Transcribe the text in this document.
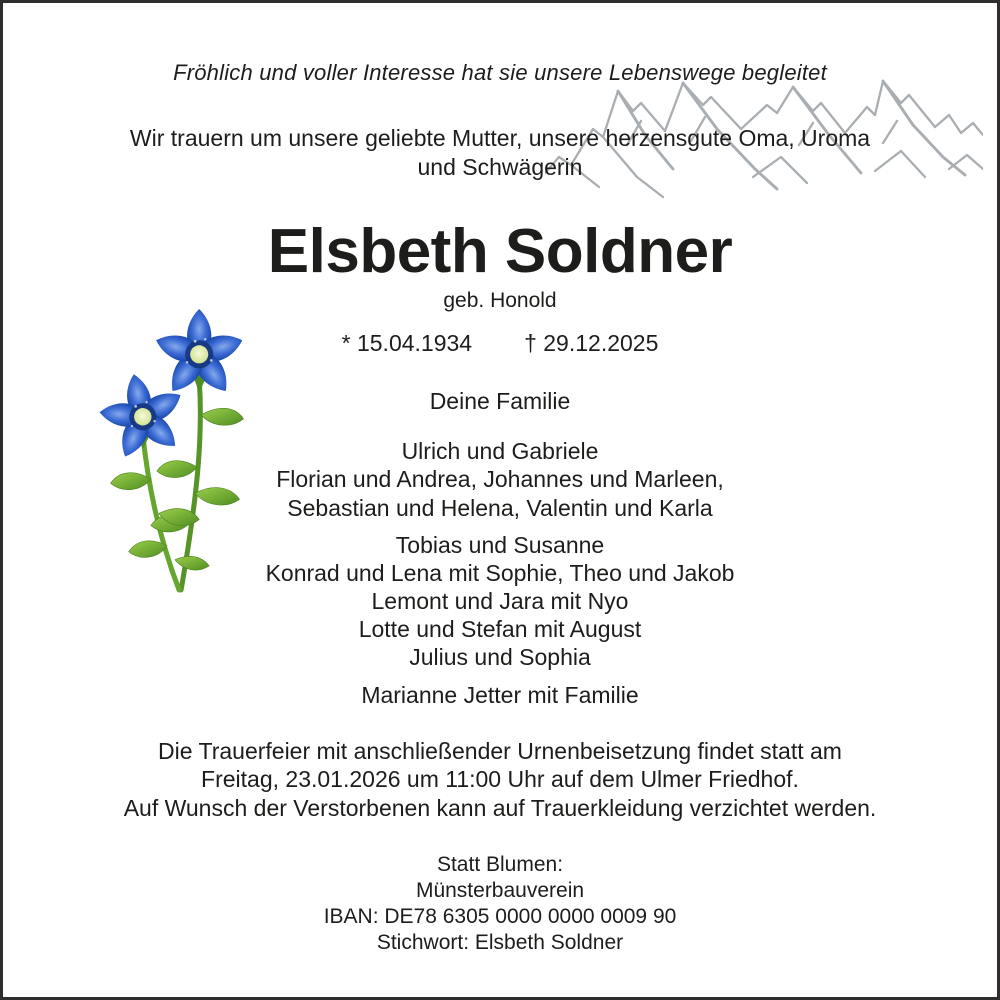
Fröhlich und voller Interesse hat sie unsere Lebenswege begleitet
Wir trauern um unsere geliebte Mutter, unsere herzensgute Oma, Uroma
und Schwägerin
Elsbeth Soldner
geb. Honold
* 15.04.1934 † 29.12.2025
Deine Familie
Ulrich und Gabriele
Florian und Andrea, Johannes und Marleen,
Sebastian und Helena, Valentin und Karla
Tobias und Susanne
Konrad und Lena mit Sophie, Theo und Jakob
Lemont und Jara mit Nyo
Lotte und Stefan mit August
Julius und Sophia
Marianne Jetter mit Familie
Die Trauerfeier mit anschließender Urnenbeisetzung findet statt am
Freitag, 23.01.2026 um 11:00 Uhr auf dem Ulmer Friedhof.
Auf Wunsch der Verstorbenen kann auf Trauerkleidung verzichtet werden.
Statt Blumen:
Münsterbauverein
IBAN: DE78 6305 0000 0000 0009 90
Stichwort: Elsbeth Soldner
